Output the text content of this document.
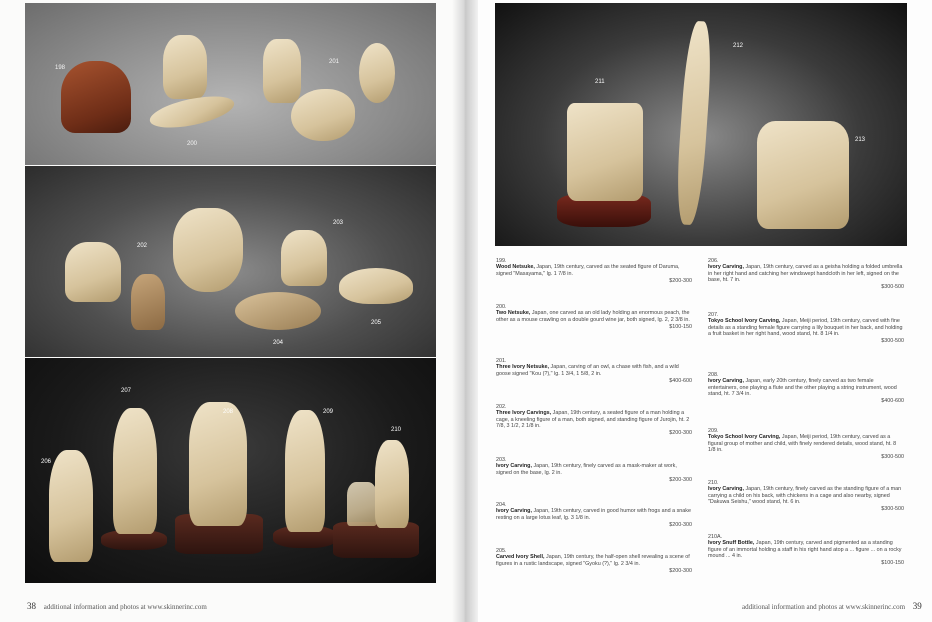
198
200
201
202
203
204
205
206
207
208	209
210
211
212
213
199.
Wood Netsuke, Japan, 19th century, carved as the seated figure of Daruma, signed "Masayama," lg. 1 7/8 in.
$200-300
200.
Two Netsuke, Japan, one carved as an old lady holding an enormous peach, the other as a mouse crawling on a double gourd wine jar, both signed, lg. 2, 2 3/8 in.
$100-150
201.
Three Ivory Netsuke, Japan, carving of an owl, a chase with fish, and a wild goose signed "Kou (?)," lg. 1 3/4, 1 5/8, 2 in.
$400-600
202.
Three Ivory Carvings, Japan, 19th century, a seated figure of a man holding a cage, a kneeling figure of a man, both signed, and standing figure of Jurojin, ht. 2 7/8, 3 1/2, 2 1/8 in.
$200-300
203.
Ivory Carving, Japan, 19th century, finely carved as a mask-maker at work, signed on the base, lg. 2 in.
$200-300
204.
Ivory Carving, Japan, 19th century, carved in good humor with frogs and a snake resting on a large lotus leaf, lg. 3 1/8 in.
$200-300
205.
Carved Ivory Shell, Japan, 19th century, the half-open shell revealing a scene of figures in a rustic landscape, signed "Gyoku (?)," lg. 2 3/4 in.
$200-300
206.
Ivory Carving, Japan, 19th century, carved as a geisha holding a folded umbrella in her right hand and catching her windswept handcloth in her left, signed on the base, ht. 7 in.
$300-500
207.
Tokyo School Ivory Carving, Japan, Meiji period, 19th century, carved with fine details as a standing female figure carrying a lily bouquet in her back, and holding a fruit basket in her right hand, wood stand, ht. 8 1/4 in.
$300-500
208.
Ivory Carving, Japan, early 20th century, finely carved as two female entertainers, one playing a flute and the other playing a string instrument, wood stand, ht. 7 3/4 in.
$400-600
209.
Tokyo School Ivory Carving, Japan, Meiji period, 19th century, carved as a figural group of mother and child, with finely rendered details, wood stand, ht. 8 1/8 in.
$300-500
210.
Ivory Carving, Japan, 19th century, finely carved as the standing figure of a man carrying a child on his back, with chickens in a cage and also nearby, signed "Dakuwa Seishu," wood stand, ht. 6 in.
$300-500
210A.
Ivory Snuff Bottle, Japan, 19th century, carved and pigmented as a standing figure of an immortal holding a staff in his right hand atop a ... figure ... on a rocky mound ... 4 in.
$100-150
38 additional information and photos at www.skinnerinc.com	additional information and photos at www.skinnerinc.com 39
